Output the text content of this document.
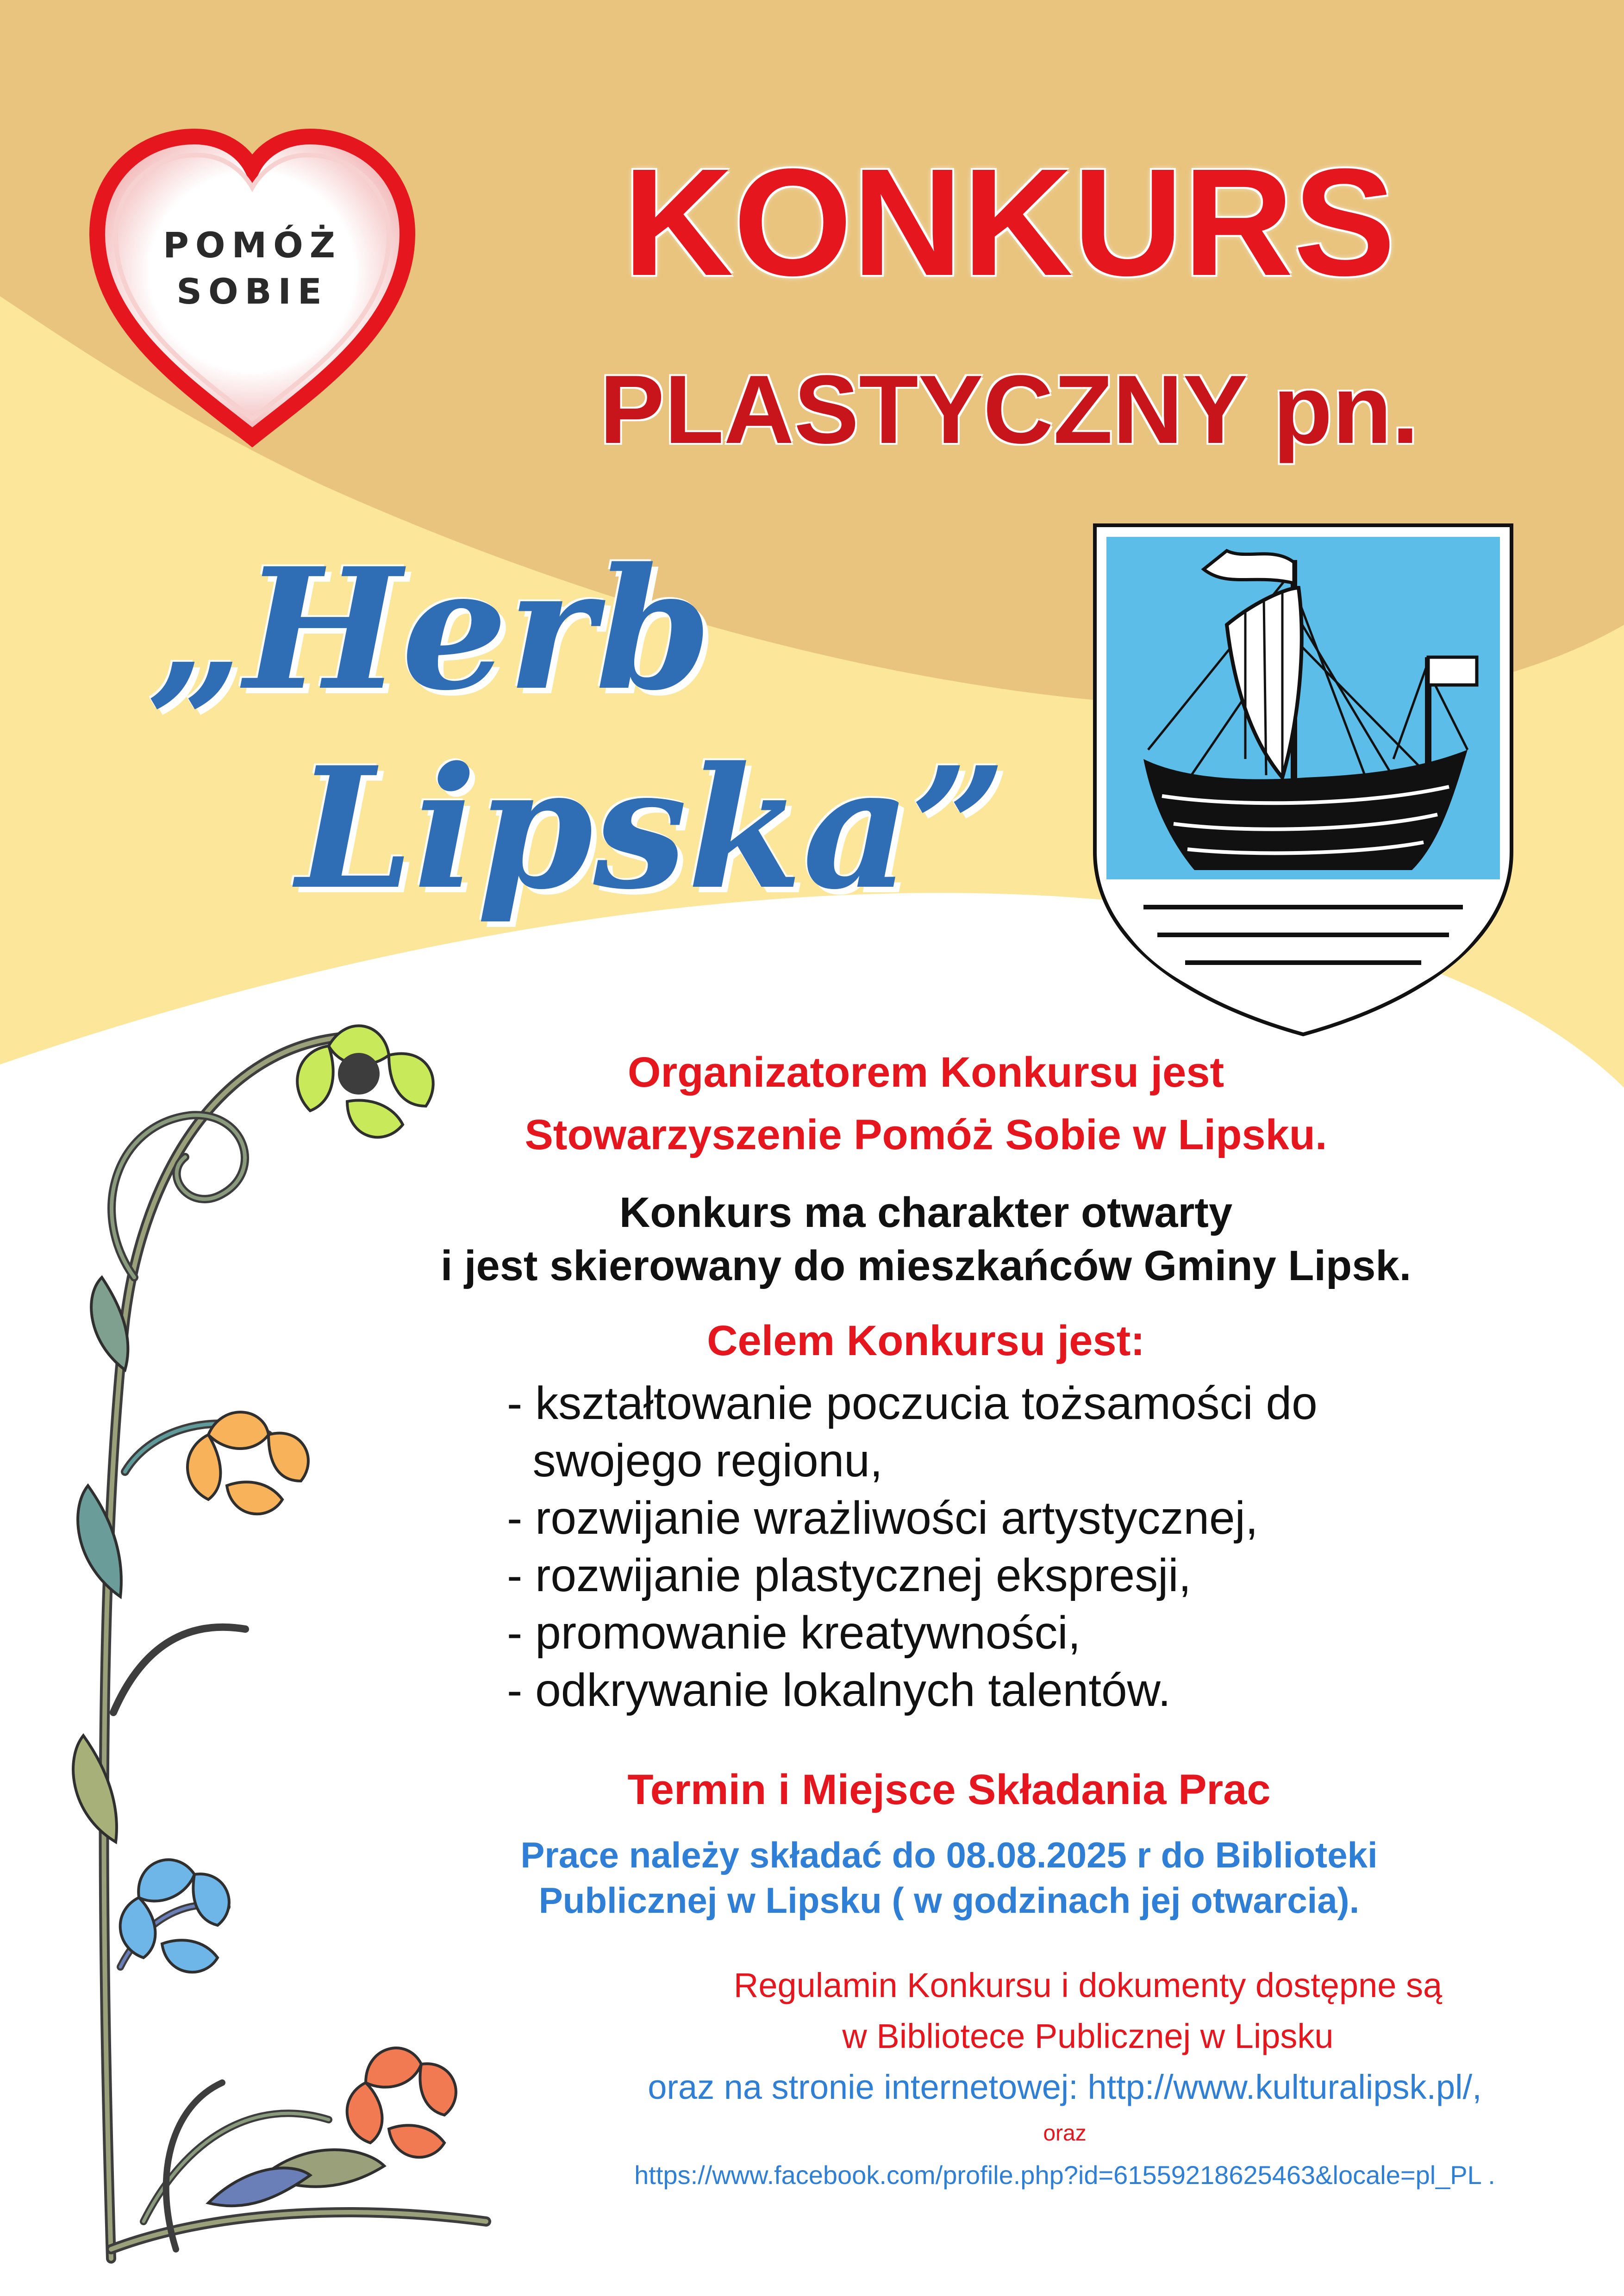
POMÓŻ
SOBIE	KONKURS
PLASTYCZNY pn.
„Herb
Lipska”
Organizatorem Konkursu jest
Stowarzyszenie Pomóż Sobie w Lipsku.
Konkurs ma charakter otwarty
i jest skierowany do mieszkańców Gminy Lipsk.
Celem Konkursu jest:
- kształtowanie poczucia tożsamości do
swojego regionu,
- rozwijanie wrażliwości artystycznej,
- rozwijanie plastycznej ekspresji,
- promowanie kreatywności,
- odkrywanie lokalnych talentów.
Termin i Miejsce Składania Prac
Prace należy składać do 08.08.2025 r do Biblioteki
Publicznej w Lipsku ( w godzinach jej otwarcia).
Regulamin Konkursu i dokumenty dostępne są
w Bibliotece Publicznej w Lipsku
oraz na stronie internetowej: http://www.kulturalipsk.pl/,
oraz
https://www.facebook.com/profile.php?id=61559218625463&locale=pl_PL .
